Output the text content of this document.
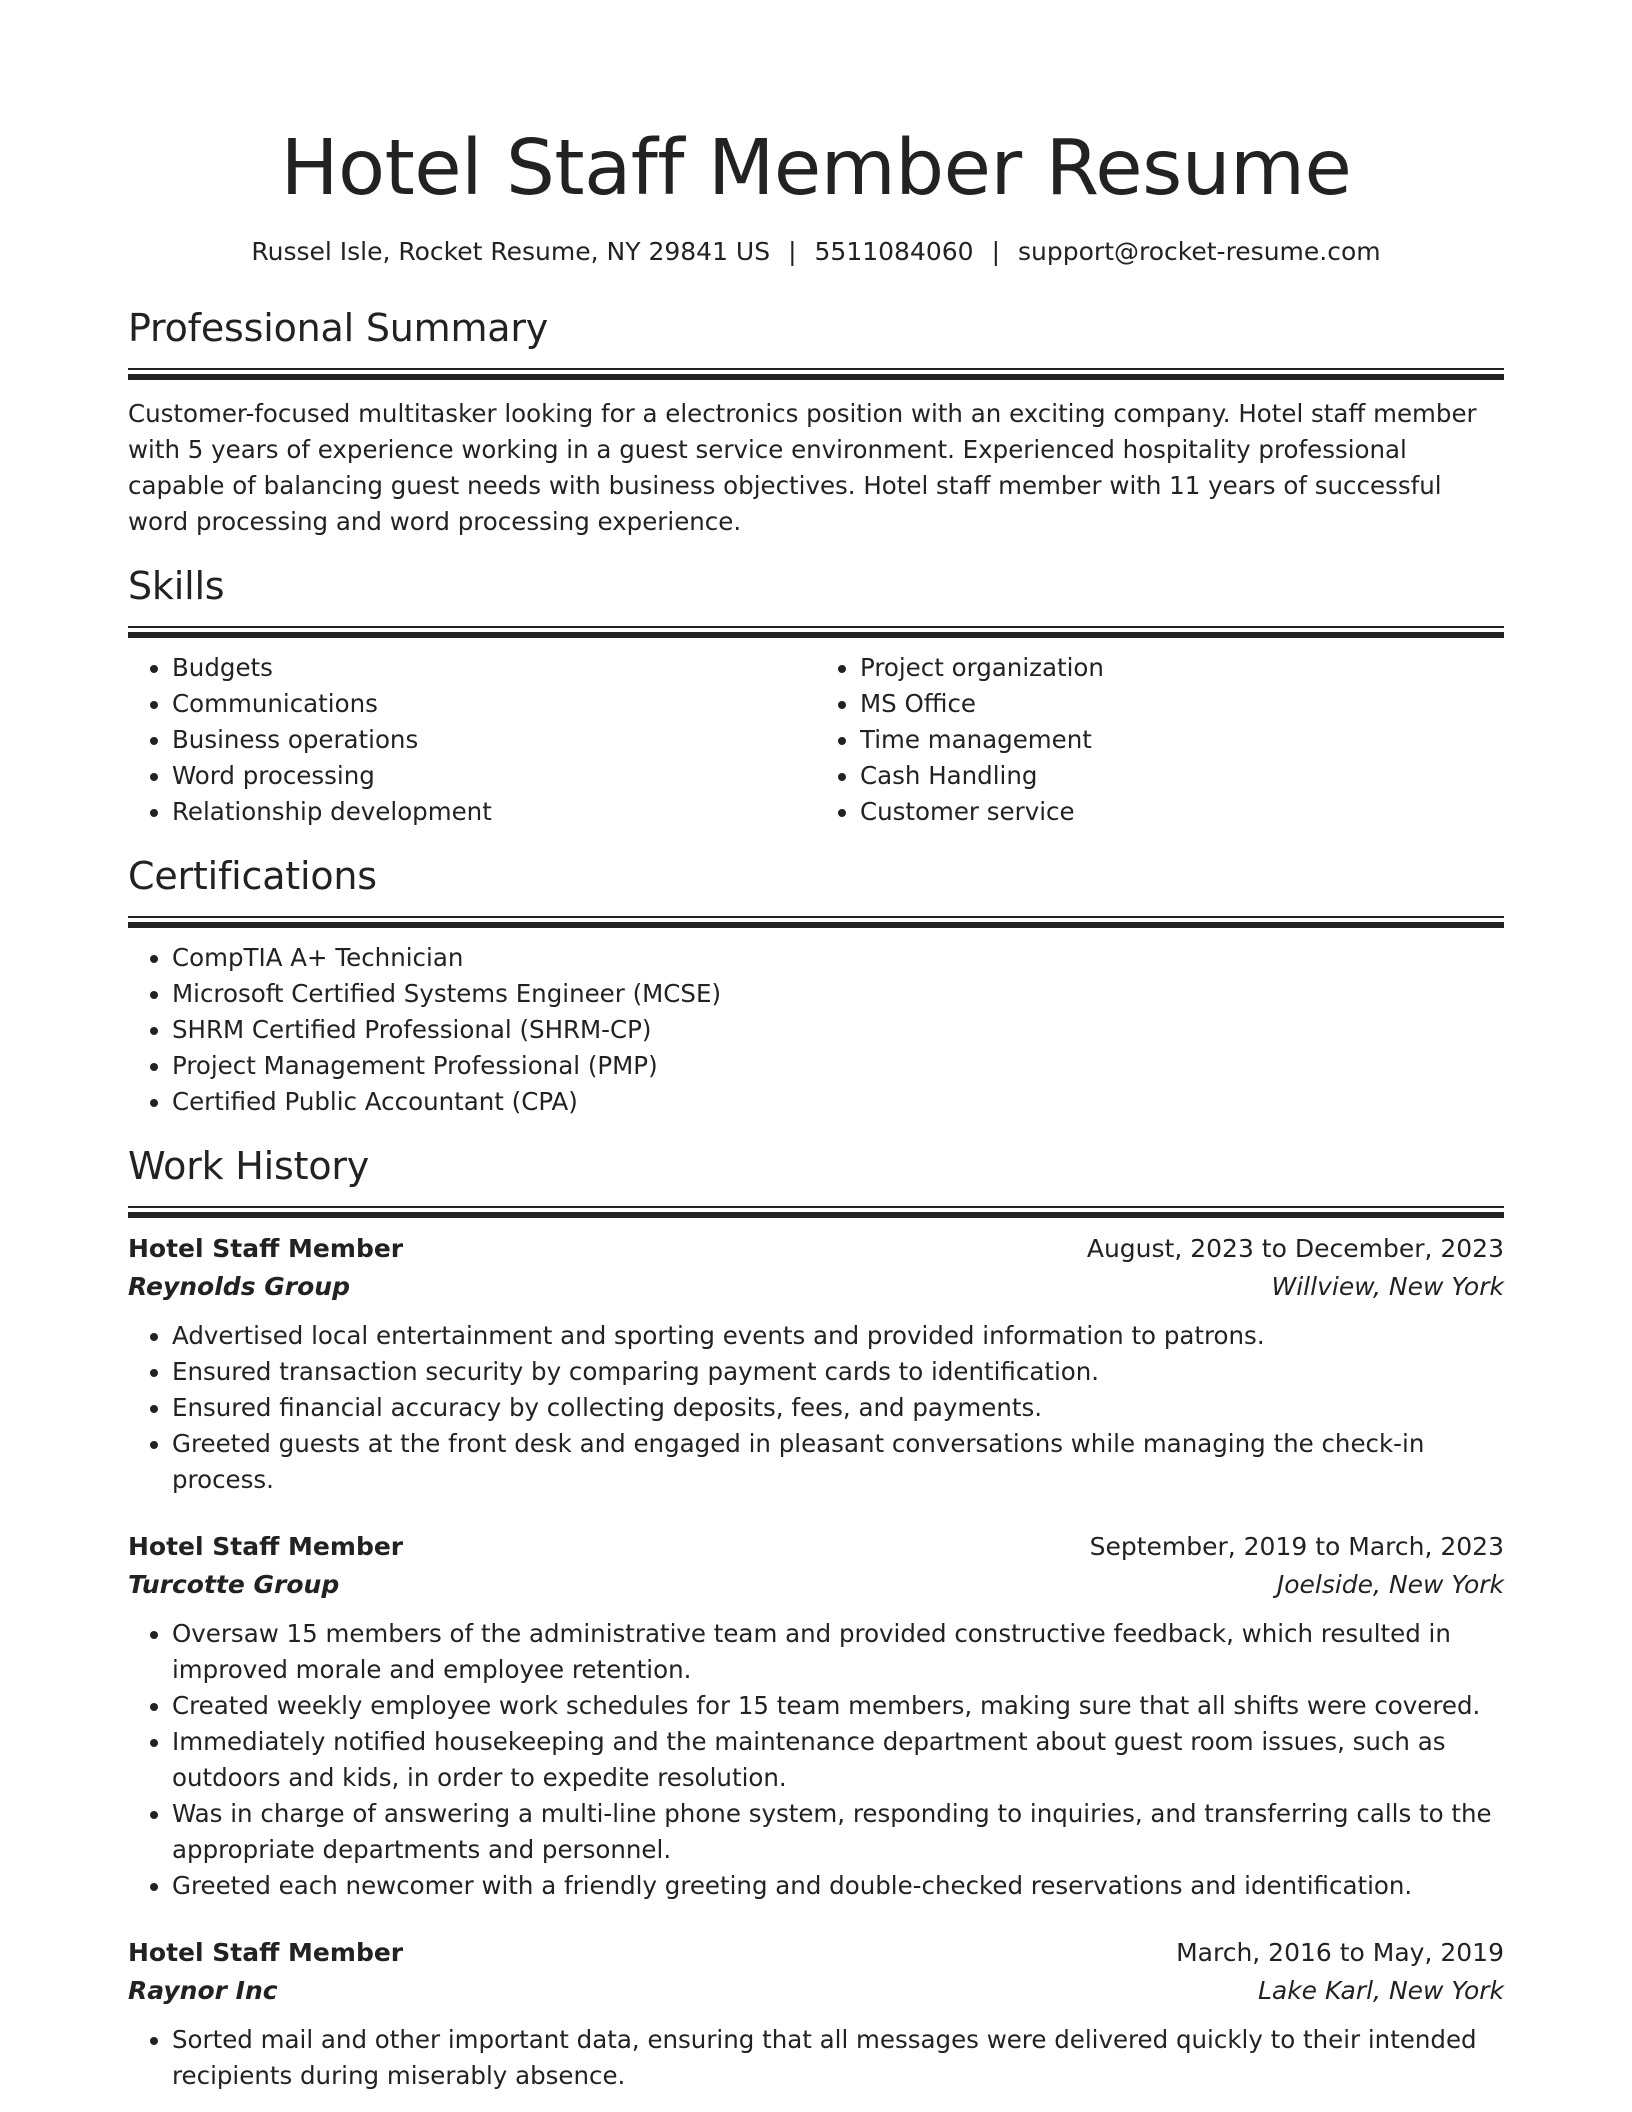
Hotel Staff Member Resume
Russel Isle, Rocket Resume, NY 29841 US | 5511084060 | support@rocket-resume.com
Professional Summary
Customer-focused multitasker looking for a electronics position with an exciting company. Hotel staff member with 5 years of experience working in a guest service environment. Experienced hospitality professional capable of balancing guest needs with business objectives. Hotel staff member with 11 years of successful word processing and word processing experience.
Skills
• Budgets
• Communications
• Business operations
• Word processing
• Relationship development
• Project organization
• MS Office
• Time management
• Cash Handling
• Customer service
Certifications
• CompTIA A+ Technician
• Microsoft Certified Systems Engineer (MCSE)
• SHRM Certified Professional (SHRM-CP)
• Project Management Professional (PMP)
• Certified Public Accountant (CPA)
Work History
Hotel Staff Member	August, 2023 to December, 2023
Reynolds Group	Willview, New York
• Advertised local entertainment and sporting events and provided information to patrons.
• Ensured transaction security by comparing payment cards to identification.
• Ensured financial accuracy by collecting deposits, fees, and payments.
• Greeted guests at the front desk and engaged in pleasant conversations while managing the check-in process.
Hotel Staff Member	September, 2019 to March, 2023
Turcotte Group	Joelside, New York
• Oversaw 15 members of the administrative team and provided constructive feedback, which resulted in improved morale and employee retention.
• Created weekly employee work schedules for 15 team members, making sure that all shifts were covered.
• Immediately notified housekeeping and the maintenance department about guest room issues, such as outdoors and kids, in order to expedite resolution.
• Was in charge of answering a multi-line phone system, responding to inquiries, and transferring calls to the appropriate departments and personnel.
• Greeted each newcomer with a friendly greeting and double-checked reservations and identification.
Hotel Staff Member	March, 2016 to May, 2019
Raynor Inc	Lake Karl, New York
• Sorted mail and other important data, ensuring that all messages were delivered quickly to their intended recipients during miserably absence.
